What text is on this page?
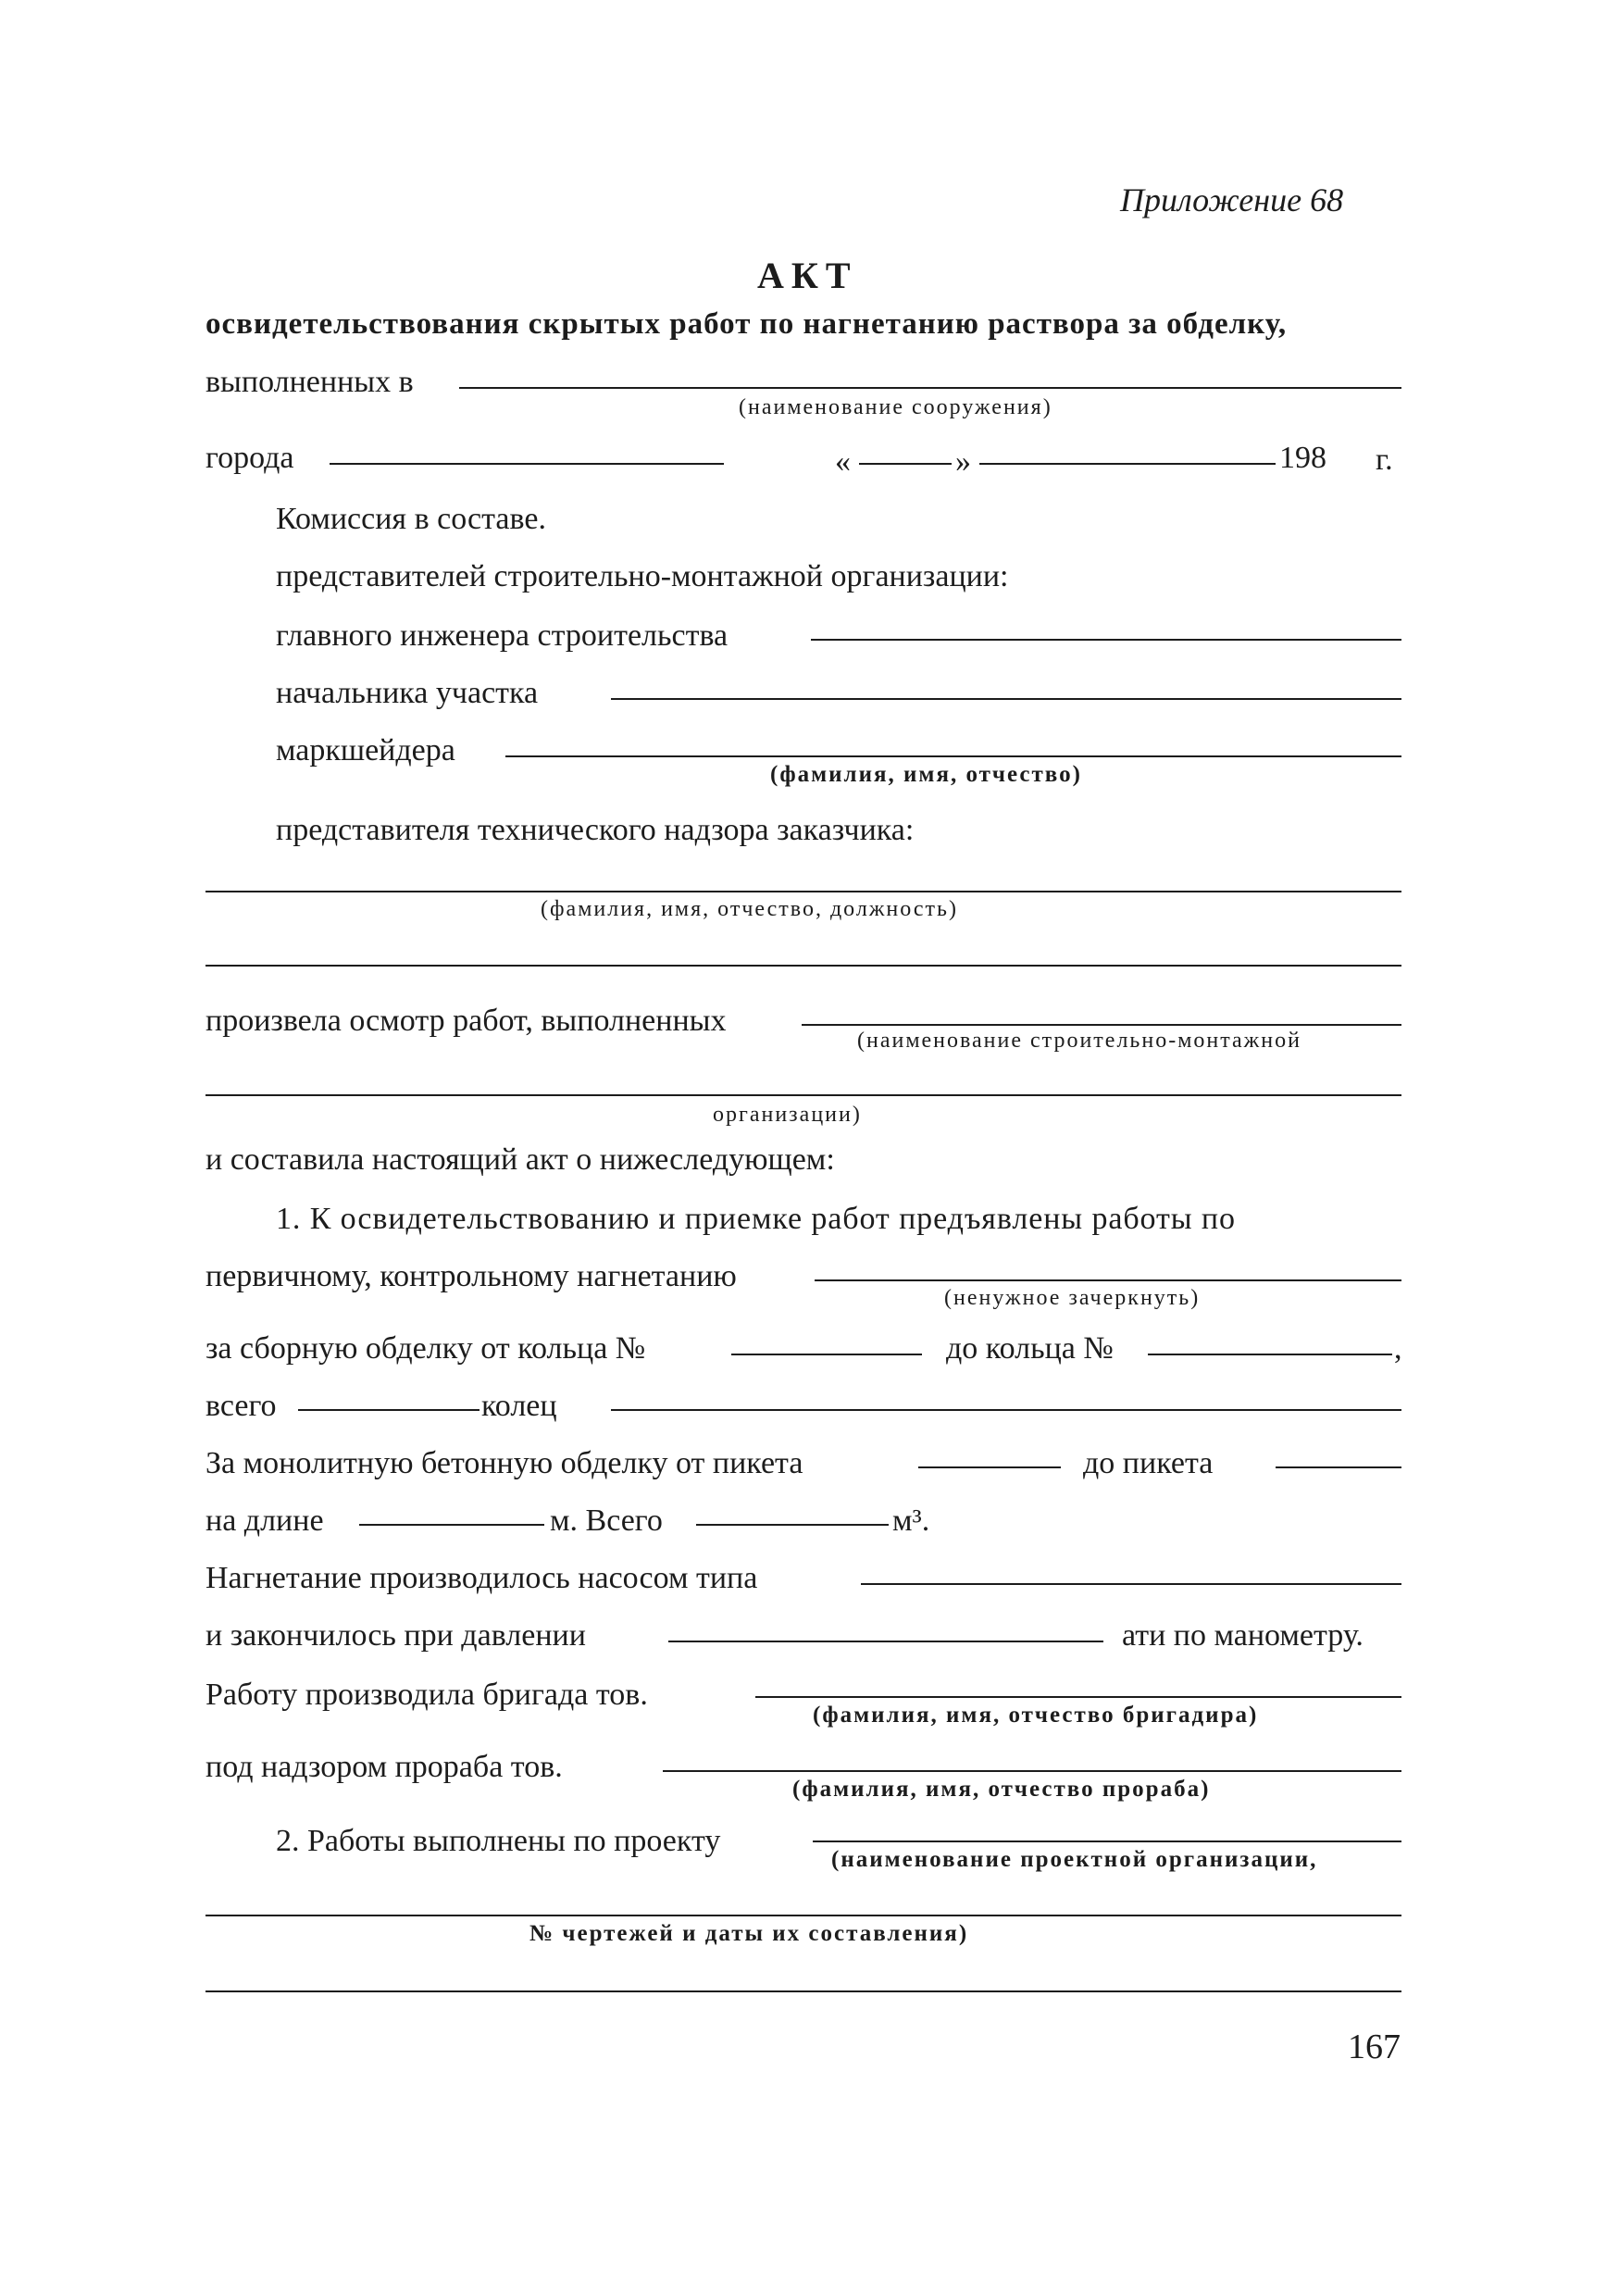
Приложение 68
АКТ
освидетельствования скрытых работ по нагнетанию раствора за обделку,
выполненных в
(наименование сооружения)
города	«	»	198 г.
Комиссия в составе.
представителей строительно-монтажной организации:
главного инженера строительства
начальника участка
маркшейдера
(фамилия, имя, отчество)
представителя технического надзора заказчика:
(фамилия, имя, отчество, должность)
произвела осмотр работ, выполненных
(наименование строительно-монтажной
организации)
и составила настоящий акт о нижеследующем:
1. К освидетельствованию и приемке работ предъявлены работы по
первичному, контрольному нагнетанию
(ненужное зачеркнуть)
за сборную обделку от кольца №	до кольца №	,
всего	колец
За монолитную бетонную обделку от пикета	до пикета
на длине	м. Всего	м³.
Нагнетание производилось насосом типа
и закончилось при давлении	ати по манометру.
Работу производила бригада тов.
(фамилия, имя, отчество бригадира)
под надзором прораба тов.
(фамилия, имя, отчество прораба)
2. Работы выполнены по проекту
(наименование проектной организации,
№ чертежей и даты их составления)
167
